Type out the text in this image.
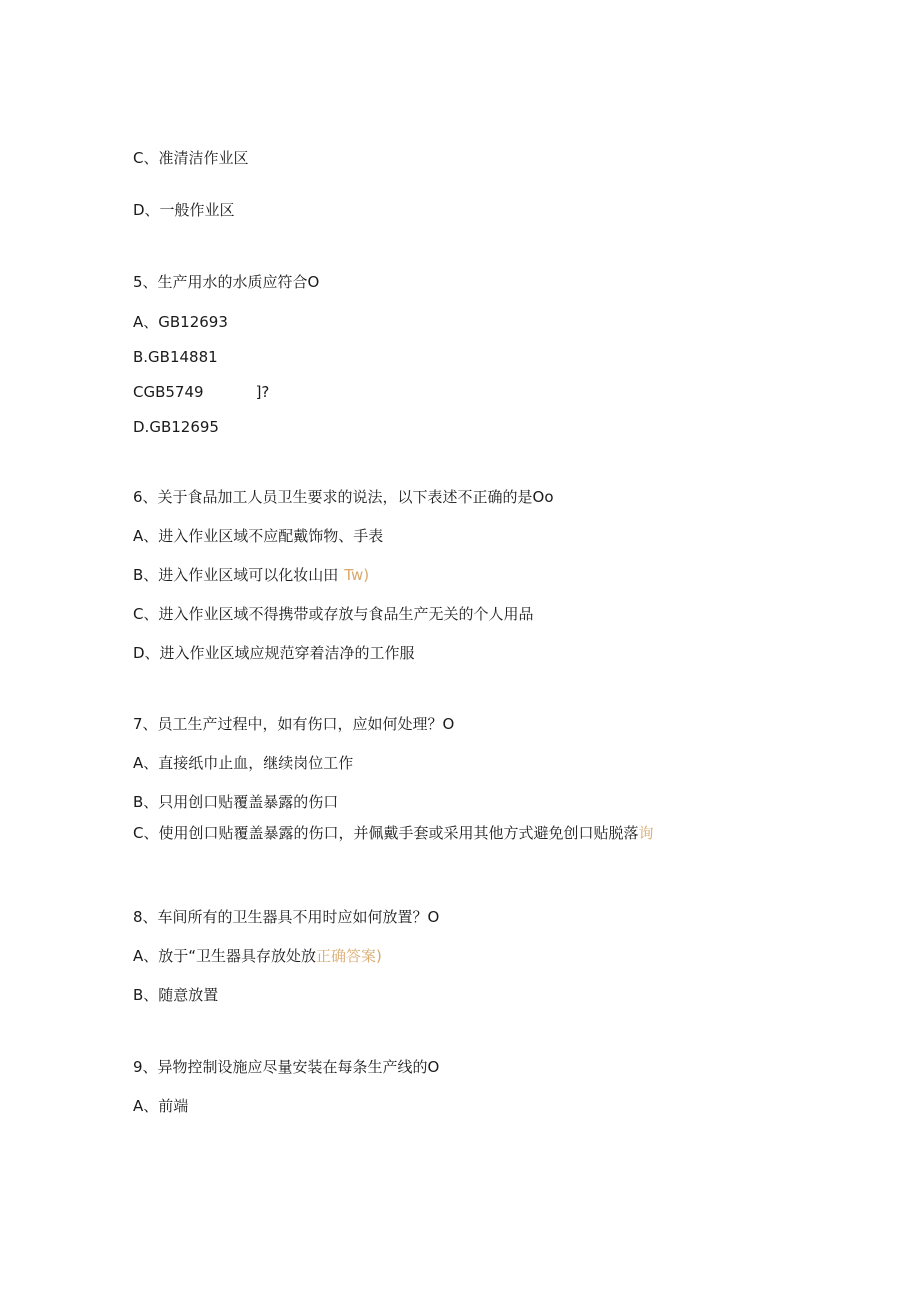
C、准清洁作业区
D、一般作业区
5、生产用水的水质应符合O
A、GB12693
B.GB14881
CGB5749	]?
D.GB12695
6、关于食品加工人员卫生要求的说法，以下表述不正确的是Oo
A、进入作业区域不应配戴饰物、手表
B、进入作业区域可以化妆山田 Tw)
C、进入作业区域不得携带或存放与食品生产无关的个人用品
D、进入作业区域应规范穿着洁净的工作服
7、员工生产过程中，如有伤口，应如何处理？O
A、直接纸巾止血，继续岗位工作
B、只用创口贴覆盖暴露的伤口
C、使用创口贴覆盖暴露的伤口，并佩戴手套或采用其他方式避免创口贴脱落询
8、车间所有的卫生器具不用时应如何放置？O
A、放于“卫生器具存放处放正确答案)
B、随意放置
9、异物控制设施应尽量安装在每条生产线的O
A、前端
